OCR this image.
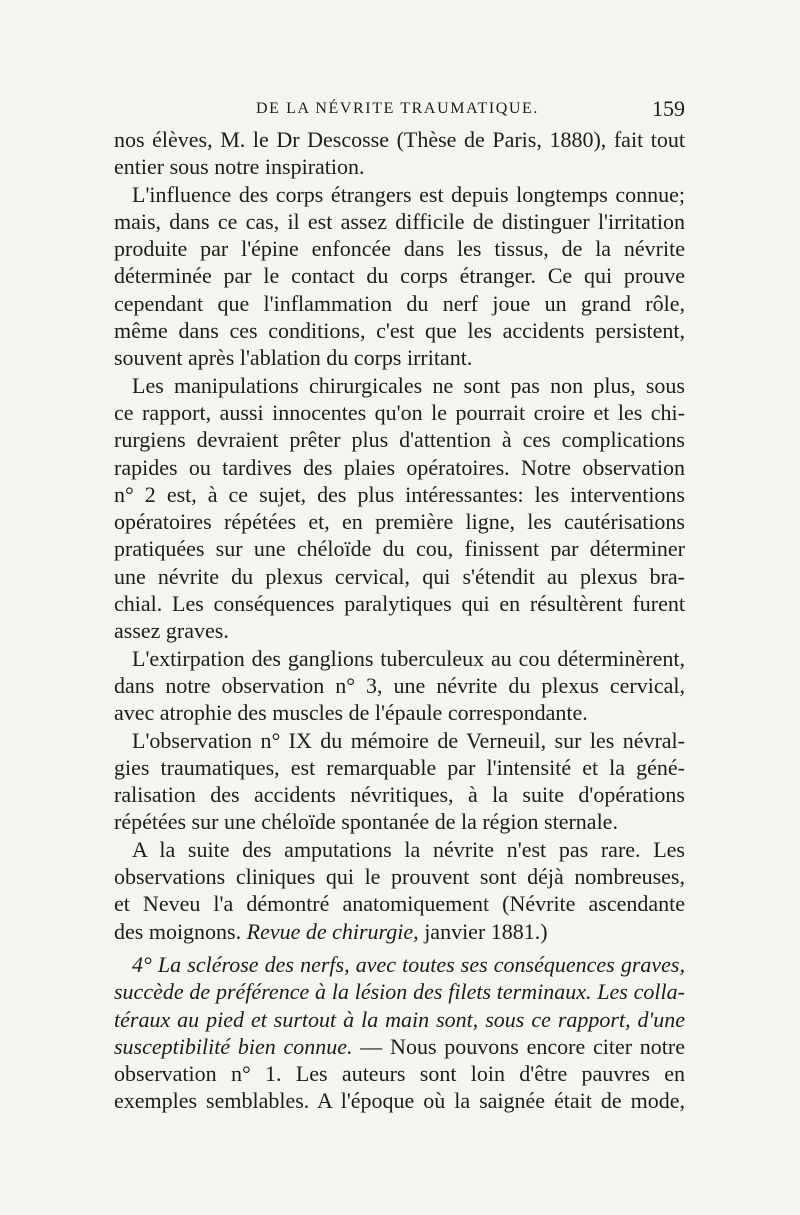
DE LA NÉVRITE TRAUMATIQUE.	159
nos élèves, M. le Dr Descosse (Thèse de Paris, 1880), fait tout
entier sous notre inspiration.
L'influence des corps étrangers est depuis longtemps connue;
mais, dans ce cas, il est assez difficile de distinguer l'irritation
produite par l'épine enfoncée dans les tissus, de la névrite
déterminée par le contact du corps étranger. Ce qui prouve
cependant que l'inflammation du nerf joue un grand rôle,
même dans ces conditions, c'est que les accidents persistent,
souvent après l'ablation du corps irritant.
Les manipulations chirurgicales ne sont pas non plus, sous
ce rapport, aussi innocentes qu'on le pourrait croire et les chi-
rurgiens devraient prêter plus d'attention à ces complications
rapides ou tardives des plaies opératoires. Notre observation
n° 2 est, à ce sujet, des plus intéressantes: les interventions
opératoires répétées et, en première ligne, les cautérisations
pratiquées sur une chéloïde du cou, finissent par déterminer
une névrite du plexus cervical, qui s'étendit au plexus bra-
chial. Les conséquences paralytiques qui en résultèrent furent
assez graves.
L'extirpation des ganglions tuberculeux au cou déterminèrent,
dans notre observation n° 3, une névrite du plexus cervical,
avec atrophie des muscles de l'épaule correspondante.
L'observation n° IX du mémoire de Verneuil, sur les névral-
gies traumatiques, est remarquable par l'intensité et la géné-
ralisation des accidents névritiques, à la suite d'opérations
répétées sur une chéloïde spontanée de la région sternale.
A la suite des amputations la névrite n'est pas rare. Les
observations cliniques qui le prouvent sont déjà nombreuses,
et Neveu l'a démontré anatomiquement (Névrite ascendante
des moignons. Revue de chirurgie, janvier 1881.)
4° La sclérose des nerfs, avec toutes ses conséquences graves,
succède de préférence à la lésion des filets terminaux. Les colla-
téraux au pied et surtout à la main sont, sous ce rapport, d'une
susceptibilité bien connue. — Nous pouvons encore citer notre
observation n° 1. Les auteurs sont loin d'être pauvres en
exemples semblables. A l'époque où la saignée était de mode,
